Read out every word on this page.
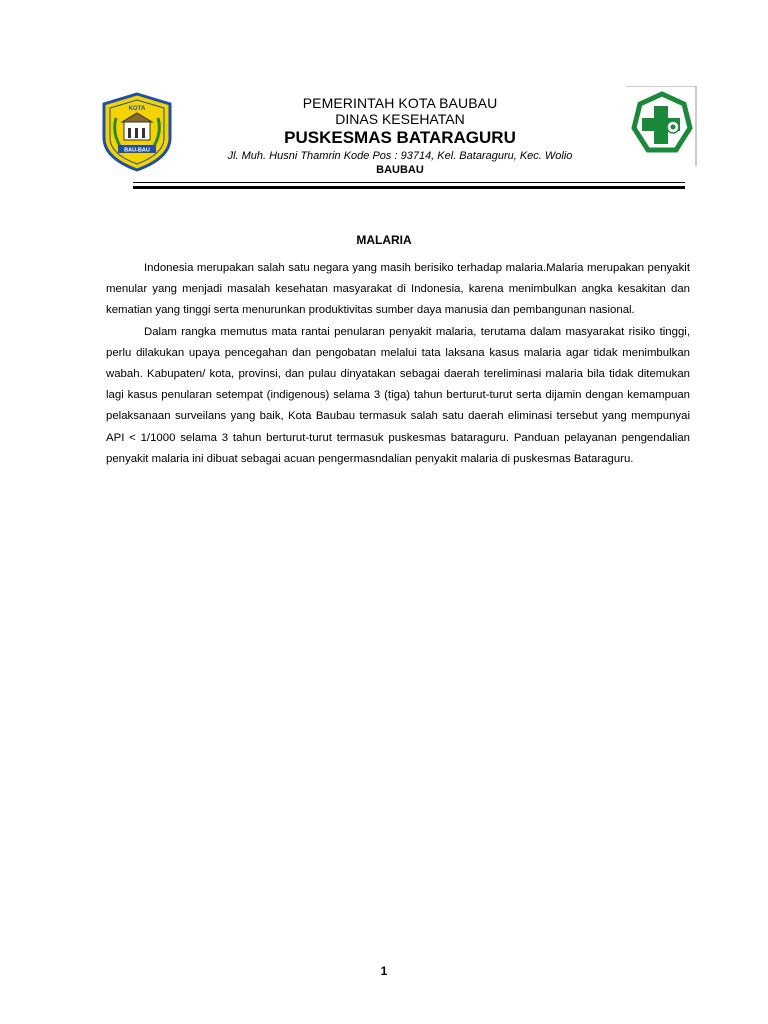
KOTA
BAU-BAU
PEMERINTAH KOTA BAUBAU
DINAS KESEHATAN
PUSKESMAS BATARAGURU
Jl. Muh. Husni Thamrin Kode Pos : 93714, Kel. Bataraguru, Kec. Wolio
BAUBAU
MALARIA

Indonesia merupakan salah satu negara yang masih berisiko terhadap malaria.Malaria merupakan penyakit menular yang menjadi masalah kesehatan masyarakat di Indonesia, karena menimbulkan angka kesakitan dan kematian yang tinggi serta menurunkan produktivitas sumber daya manusia dan pembangunan nasional.

Dalam rangka memutus mata rantai penularan penyakit malaria, terutama dalam masyarakat risiko tinggi, perlu dilakukan upaya pencegahan dan pengobatan melalui tata laksana kasus malaria agar tidak menimbulkan wabah. Kabupaten/ kota, provinsi, dan pulau dinyatakan sebagai daerah tereliminasi malaria bila tidak ditemukan lagi kasus penularan setempat (indigenous) selama 3 (tiga) tahun berturut-turut serta dijamin dengan kemampuan pelaksanaan surveilans yang baik, Kota Baubau termasuk salah satu daerah eliminasi tersebut yang mempunyai API < 1/1000 selama 3 tahun berturut-turut termasuk puskesmas bataraguru. Panduan pelayanan pengendalian penyakit malaria ini dibuat sebagai acuan pengermasndalian penyakit malaria di puskesmas Bataraguru.

1
